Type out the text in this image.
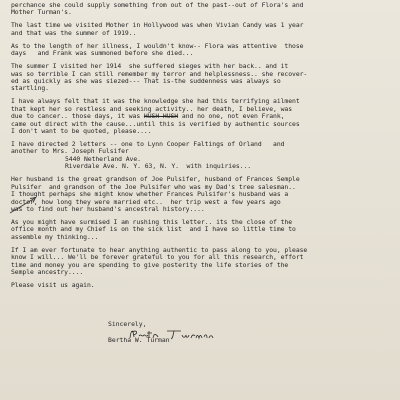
perchance she could supply something from out of the past--out of Flora's and
Mother Turman's.
The last time we visited Mother in Hollywood was when Vivian Candy was 1 year
and that was the summer of 1919..
As to the length of her illness, I wouldn't know-- Flora was attentive  those
days   and Frank was summoned before she died...
The summer I visited her 1914  she suffered sieges with her back.. and it
was so terrible I can still remember my terror and helplessness.. she recover-
ed as quickly as she was siezed--- That is-the suddenness was always so
startling.
I have always felt that it was the knowledge she had this terrifying ailment
that kept her so restless and seeking activity.. her death, I believe, was
due to cancer.. those days, it was HUSH HUSH and no one, not even Frank,
came out direct with the cause...until this is verified by authentic sources
I don't want to be quoted, please....
I have directed 2 letters -- one to Lynn Cooper Faltings of Orland   and
another to Mrs. Joseph Fulsifer
5440 Netherland Ave.
Riverdale Ave. N. Y. 63, N. Y.  with inquiries...
Her husband is the great grandson of Joe Pulsifer, husband of Frances Semple
Pulsifer  and grandson of the Joe Pulsifer who was my Dad's tree salesman..
I thought perhaps she might know whether Frances Pulsifer's husband was a
doctor, how long they were married etc..  her trip west a few years ago
was to find out her husband's ancestral history....
As you might have surmised I am rushing this letter.. its the close of the
office month and my Chief is on the sick list  and I have so little time to
assemble my thinking...
If I am ever fortunate to hear anything authentic to pass along to you, please
know I will... We'll be forever grateful to you for all this research, effort
time and money you are spending to give posterity the life stories of the
Semple ancestry....
Please visit us again.
Sincerely,
Bertha W. Turman
